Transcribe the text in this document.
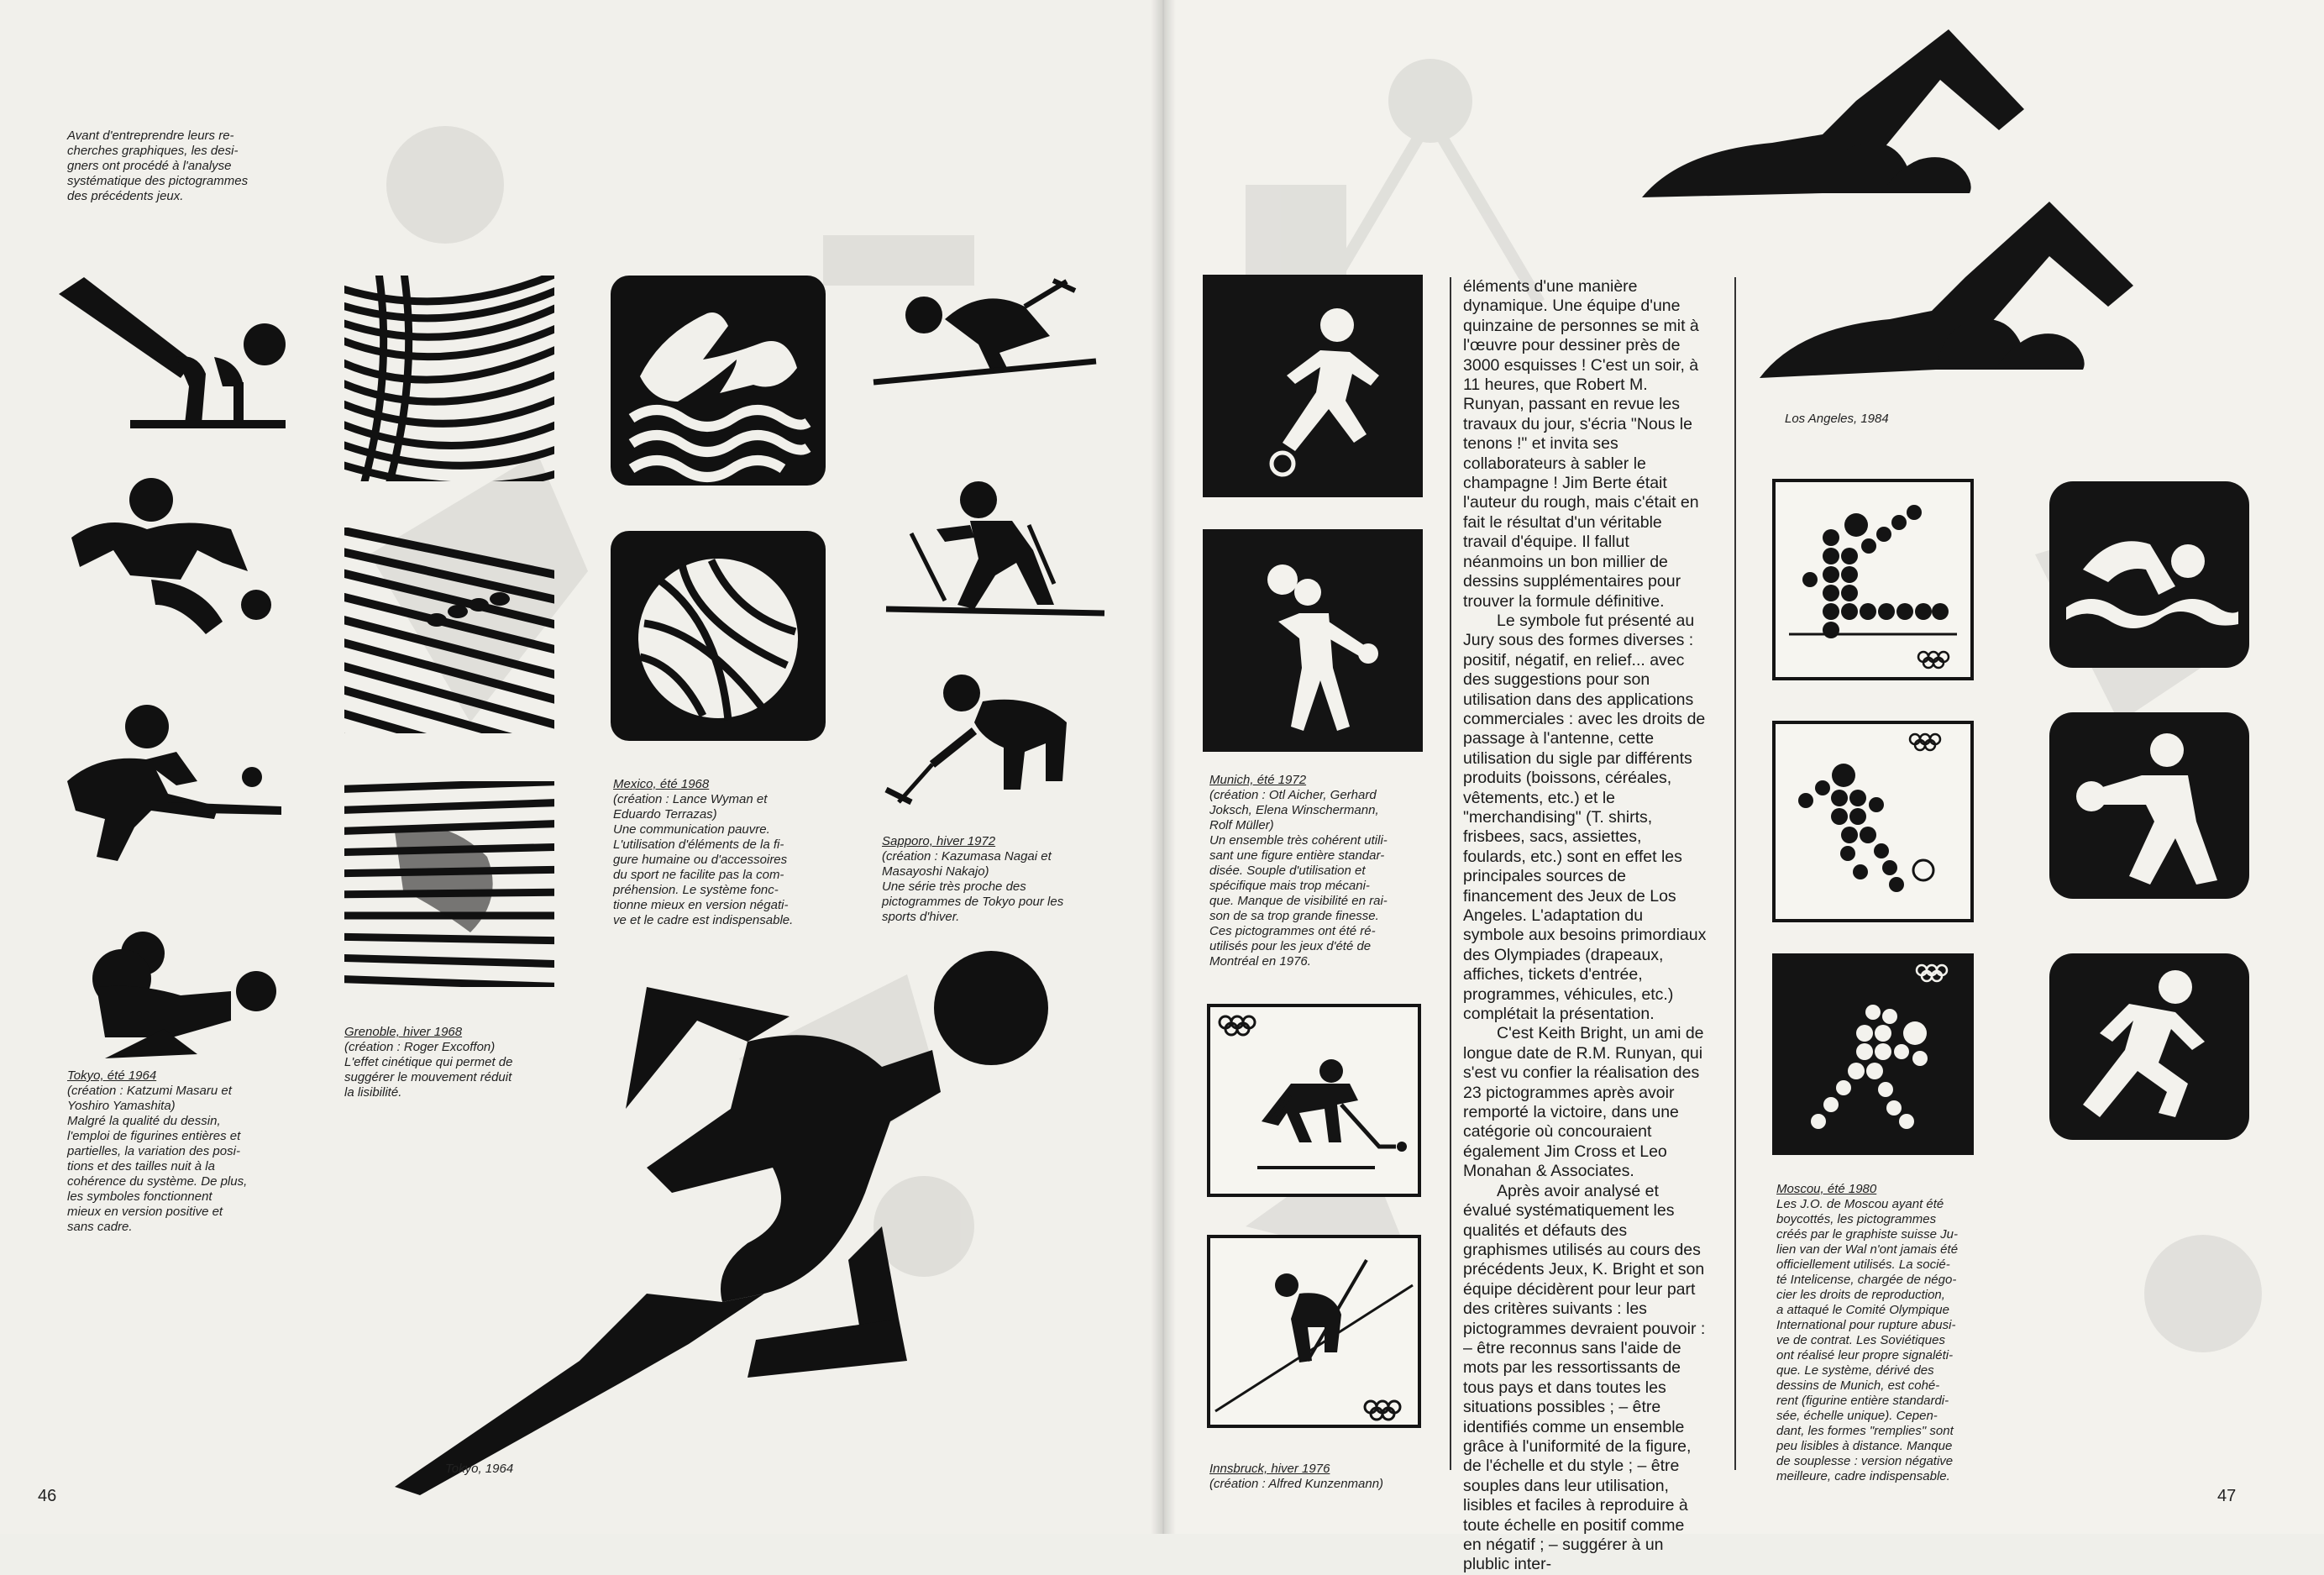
Avant d'entreprendre leurs re-
cherches graphiques, les desi-
gners ont procédé à l'analyse
systématique des pictogrammes
des précédents jeux.

Tokyo, été 1964
(création : Katzumi Masaru et
Yoshiro Yamashita)
Malgré la qualité du dessin,
l'emploi de figurines entières et
partielles, la variation des posi-
tions et des tailles nuit à la
cohérence du système. De plus,
les symboles fonctionnent
mieux en version positive et
sans cadre.

Grenoble, hiver 1968
(création : Roger Excoffon)
L'effet cinétique qui permet de
suggérer le mouvement réduit
la lisibilité.

Mexico, été 1968
(création : Lance Wyman et
Eduardo Terrazas)
Une communication pauvre.
L'utilisation d'éléments de la fi-
gure humaine ou d'accessoires
du sport ne facilite pas la com-
préhension. Le système fonc-
tionne mieux en version négati-
ve et le cadre est indispensable.

Sapporo, hiver 1972
(création : Kazumasa Nagai et
Masayoshi Nakajo)
Une série très proche des
pictogrammes de Tokyo pour les
sports d'hiver.

Tokyo, 1964

46

Munich, été 1972
(création : Otl Aicher, Gerhard
Joksch, Elena Winschermann,
Rolf Müller)
Un ensemble très cohérent utili-
sant une figure entière standar-
disée. Souple d'utilisation et
spécifique mais trop mécani-
que. Manque de visibilité en rai-
son de sa trop grande finesse.
Ces pictogrammes ont été ré-
utilisés pour les jeux d'été de
Montréal en 1976.

Innsbruck, hiver 1976
(création : Alfred Kunzenmann)

éléments d'une manière dynamique. Une équipe d'une quinzaine de personnes se mit à l'œuvre pour dessiner près de 3000 esquisses ! C'est un soir, à 11 heures, que Robert M. Runyan, passant en revue les travaux du jour, s'écria "Nous le tenons !" et invita ses collaborateurs à sabler le champagne ! Jim Berte était l'auteur du rough, mais c'était en fait le résultat d'un véritable travail d'équipe. Il fallut néanmoins un bon millier de dessins supplémentaires pour trouver la formule définitive.

Le symbole fut présenté au Jury sous des formes diverses : positif, négatif, en relief... avec des suggestions pour son utilisation dans des applications commerciales : avec les droits de passage à l'antenne, cette utilisation du sigle par différents produits (boissons, céréales, vêtements, etc.) et le "merchandising" (T. shirts, frisbees, sacs, assiettes, foulards, etc.) sont en effet les principales sources de financement des Jeux de Los Angeles. L'adaptation du symbole aux besoins primordiaux des Olympiades (drapeaux, affiches, tickets d'entrée, programmes, véhicules, etc.) complétait la présentation.

C'est Keith Bright, un ami de longue date de R.M. Runyan, qui s'est vu confier la réalisation des 23 pictogrammes après avoir remporté la victoire, dans une catégorie où concouraient également Jim Cross et Leo Monahan & Associates.

Après avoir analysé et évalué systématiquement les qualités et défauts des graphismes utilisés au cours des précédents Jeux, K. Bright et son équipe décidèrent pour leur part des critères suivants : les pictogrammes devraient pouvoir : – être reconnus sans l'aide de mots par les ressortissants de tous pays et dans toutes les situations possibles ; – être identifiés comme un ensemble grâce à l'uniformité de la figure, de l'échelle et du style ; – être souples dans leur utilisation, lisibles et faciles à reproduire à toute échelle en positif comme en négatif ; – suggérer à un plublic inter-

Los Angeles, 1984

Moscou, été 1980
Les J.O. de Moscou ayant été
boycottés, les pictogrammes
créés par le graphiste suisse Ju-
lien van der Wal n'ont jamais été
officiellement utilisés. La socié-
té Intelicense, chargée de négo-
cier les droits de reproduction,
a attaqué le Comité Olympique
International pour rupture abusi-
ve de contrat. Les Soviétiques
ont réalisé leur propre signaléti-
que. Le système, dérivé des
dessins de Munich, est cohé-
rent (figurine entière standardi-
sée, échelle unique). Cepen-
dant, les formes "remplies" sont
peu lisibles à distance. Manque
de souplesse : version négative
meilleure, cadre indispensable.

47
